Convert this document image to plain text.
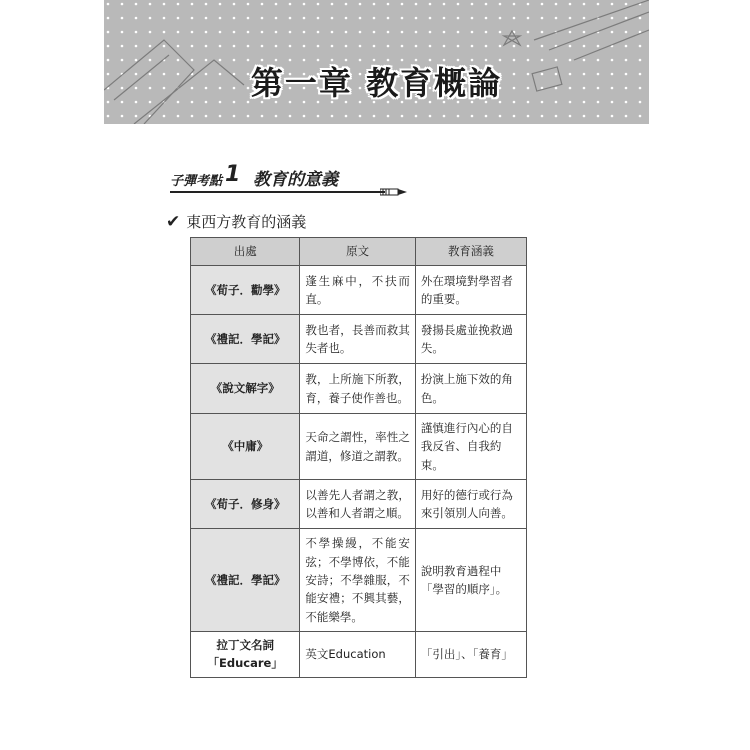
第一章 教育概論
子彈考點 1 教育的意義
✔ 東西方教育的涵義
出處	原文	教育涵義
《荀子．勸學》	蓬生麻中，不扶而直。	外在環境對學習者的重要。
《禮記．學記》	教也者，長善而救其失者也。	發揚長處並挽救過失。
《說文解字》	教，上所施下所教，育，養子使作善也。	扮演上施下效的角色。
《中庸》	天命之謂性，率性之謂道，修道之謂教。	謹慎進行內心的自我反省、自我約束。
《荀子．修身》	以善先人者謂之教，以善和人者謂之順。	用好的德行或行為來引領別人向善。
《禮記．學記》	不學操縵，不能安弦；不學博依，不能安詩；不學雜服，不能安禮；不興其藝，不能樂學。	說明教育過程中「學習的順序」。

拉丁文名詞
「Educare」	英文Education	「引出」、「養育」
